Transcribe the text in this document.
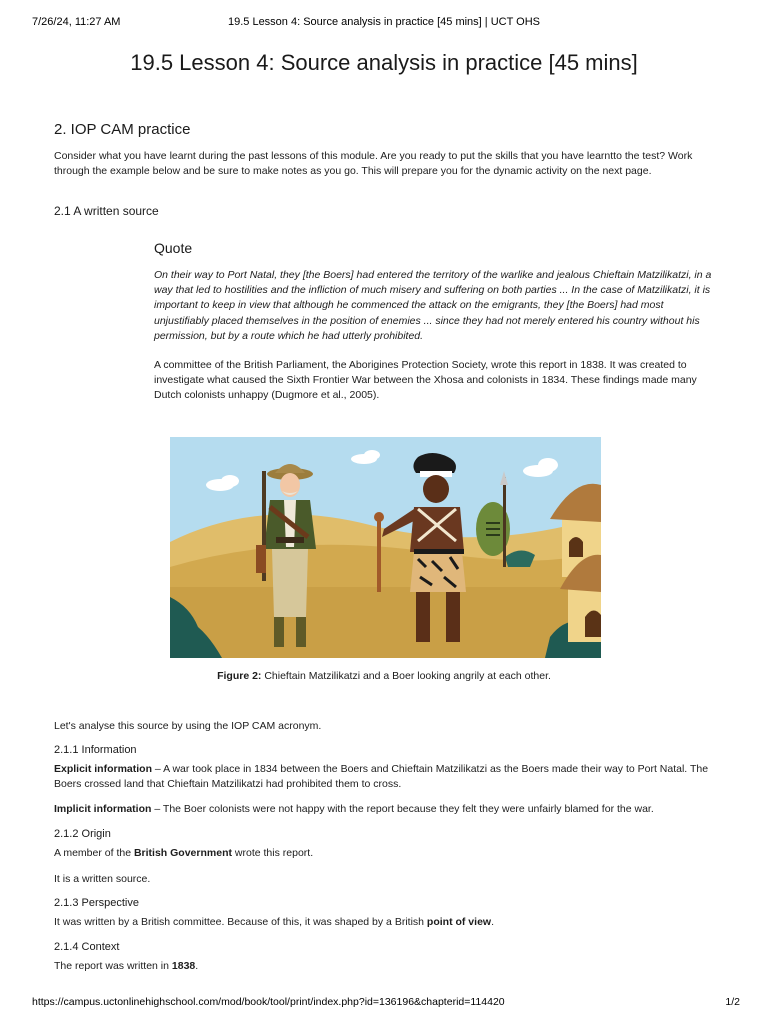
7/26/24, 11:27 AM	19.5 Lesson 4: Source analysis in practice [45 mins] | UCT OHS
19.5 Lesson 4: Source analysis in practice [45 mins]
2. IOP CAM practice

Consider what you have learnt during the past lessons of this module. Are you ready to put the skills that you have learntto the test? Work through the example below and be sure to make notes as you go. This will prepare you for the dynamic activity on the next page.

2.1 A written source
Quote

On their way to Port Natal, they [the Boers] had entered the territory of the warlike and jealous Chieftain Matzilikatzi, in a way that led to hostilities and the infliction of much misery and suffering on both parties ... In the case of Matzilikatzi, it is important to keep in view that although he commenced the attack on the emigrants, they [the Boers] had most unjustifiably placed themselves in the position of enemies ... since they had not merely entered his country without his permission, but by a route which he had utterly prohibited.

A committee of the British Parliament, the Aborigines Protection Society, wrote this report in 1838. It was created to investigate what caused the Sixth Frontier War between the Xhosa and colonists in 1834. These findings made many Dutch colonists unhappy (Dugmore et al., 2005).

Figure 2: Chieftain Matzilikatzi and a Boer looking angrily at each other.

Let's analyse this source by using the IOP CAM acronym.

2.1.1 Information

Explicit information – A war took place in 1834 between the Boers and Chieftain Matzilikatzi as the Boers made their way to Port Natal. The Boers crossed land that Chieftain Matzilikatzi had prohibited them to cross.

Implicit information – The Boer colonists were not happy with the report because they felt they were unfairly blamed for the war.

2.1.2 Origin

A member of the British Government wrote this report.

It is a written source.

2.1.3 Perspective

It was written by a British committee. Because of this, it was shaped by a British point of view.

2.1.4 Context

The report was written in 1838.

https://campus.uctonlinehighschool.com/mod/book/tool/print/index.php?id=136196&chapterid=114420	1/2
